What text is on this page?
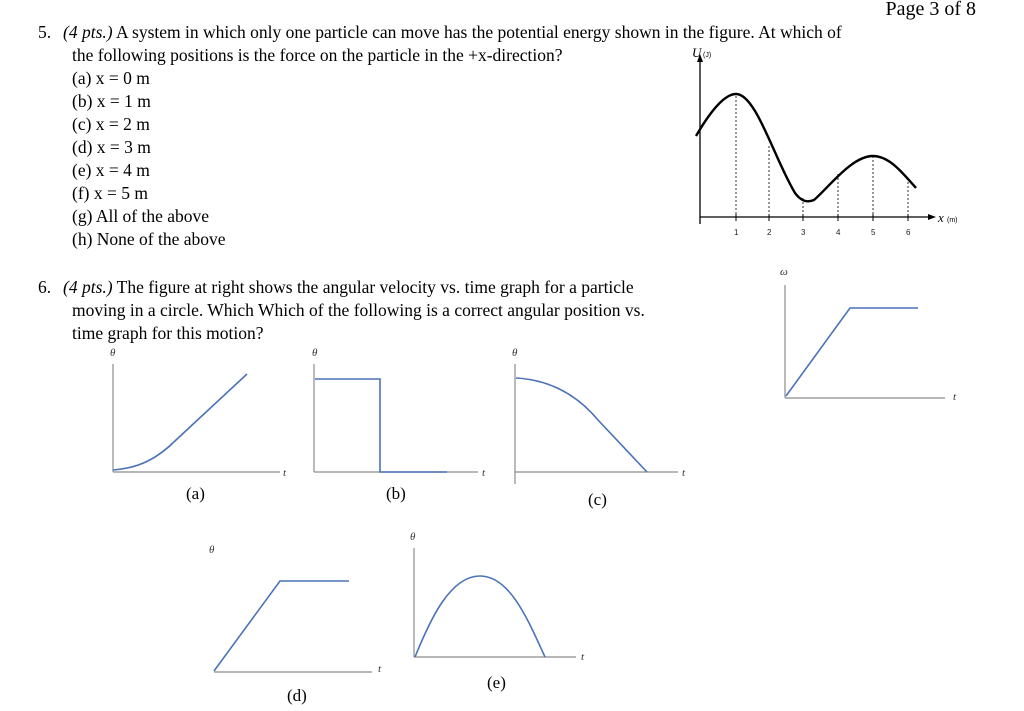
Page 3 of 8
5. (4 pts.) A system in which only one particle can move has the potential energy shown in the figure. At which of
the following positions is the force on the particle in the +x-direction?
(a) x = 0 m
(b) x = 1 m
(c) x = 2 m
(d) x = 3 m
(e) x = 4 m
(f) x = 5 m
(g) All of the above
(h) None of the above
6. (4 pts.) The figure at right shows the angular velocity vs. time graph for a particle
moving in a circle. Which Which of the following is a correct angular position vs.
time graph for this motion?
U (J)
x (m)
1	2	3	4	5	6
ω
t
θ
t
(a)
θ
t
(b)
θ
t
(c)
θ
t
(d)
θ
t
(e)
